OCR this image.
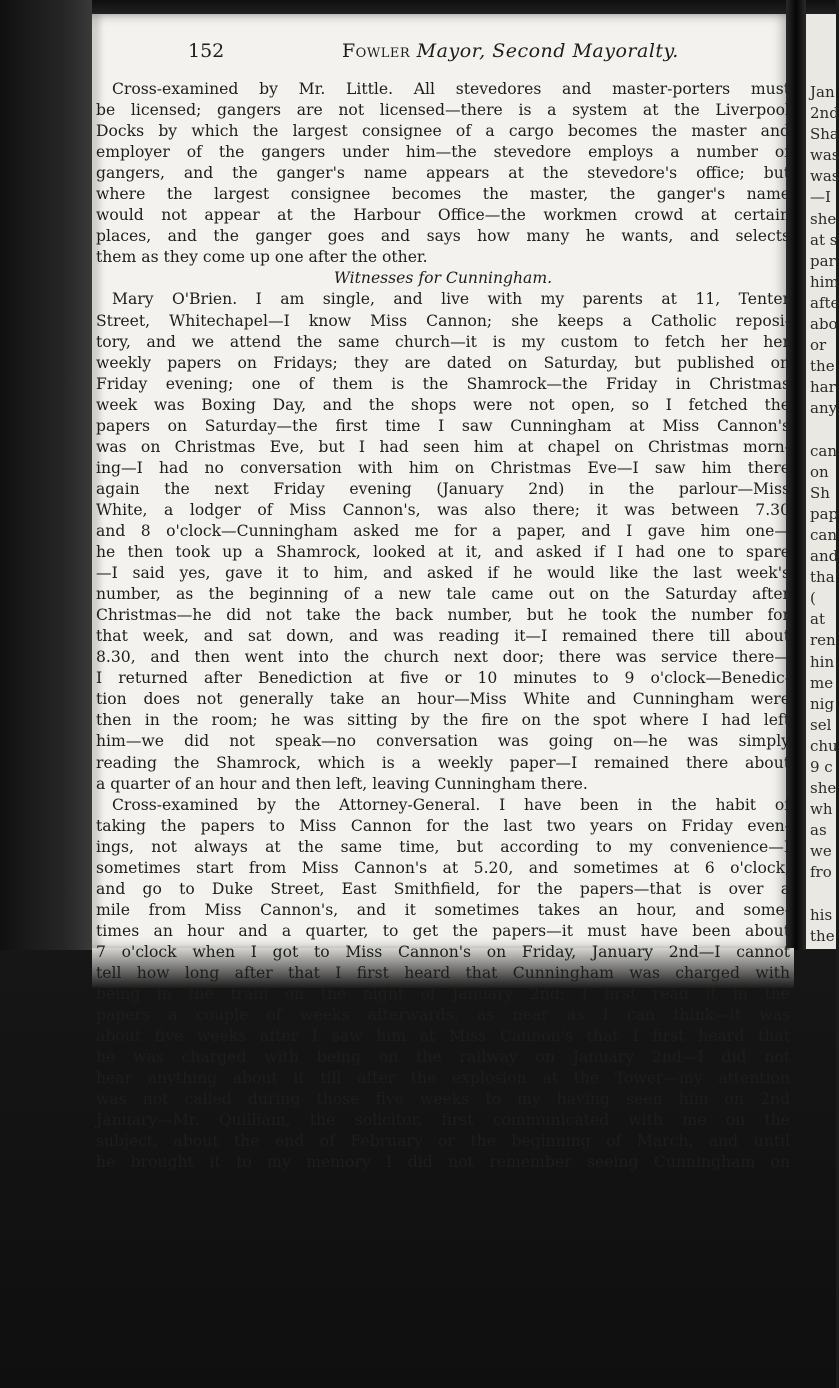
Jan
2nd
Sha
was
was
—I
she
at s
par
him
afte
abo
or
the
har
any
can
on
Sh
pap
can
and
tha
(
at
ren
hin
me
nig
sel
chu
9 c
she
wh
as
we
fro
his
the
152	Fowler Mayor, Second Mayoralty.
Cross-examined by Mr. Little. All stevedores and master-porters must
be licensed; gangers are not licensed—there is a system at the Liverpool
Docks by which the largest consignee of a cargo becomes the master and
employer of the gangers under him—the stevedore employs a number of
gangers, and the ganger's name appears at the stevedore's office; but
where the largest consignee becomes the master, the ganger's name
would not appear at the Harbour Office—the workmen crowd at certain
places, and the ganger goes and says how many he wants, and selects
them as they come up one after the other.
Witnesses for Cunningham.
Mary O'Brien. I am single, and live with my parents at 11, Tenter
Street, Whitechapel—I know Miss Cannon; she keeps a Catholic reposi-
tory, and we attend the same church—it is my custom to fetch her her
weekly papers on Fridays; they are dated on Saturday, but published on
Friday evening; one of them is the Shamrock—the Friday in Christmas
week was Boxing Day, and the shops were not open, so I fetched the
papers on Saturday—the first time I saw Cunningham at Miss Cannon's
was on Christmas Eve, but I had seen him at chapel on Christmas morn-
ing—I had no conversation with him on Christmas Eve—I saw him there
again the next Friday evening (January 2nd) in the parlour—Miss
White, a lodger of Miss Cannon's, was also there; it was between 7.30
and 8 o'clock—Cunningham asked me for a paper, and I gave him one—
he then took up a Shamrock, looked at it, and asked if I had one to spare
—I said yes, gave it to him, and asked if he would like the last week's
number, as the beginning of a new tale came out on the Saturday after
Christmas—he did not take the back number, but he took the number for
that week, and sat down, and was reading it—I remained there till about
8.30, and then went into the church next door; there was service there—
I returned after Benediction at five or 10 minutes to 9 o'clock—Benedic-
tion does not generally take an hour—Miss White and Cunningham were
then in the room; he was sitting by the fire on the spot where I had left
him—we did not speak—no conversation was going on—he was simply
reading the Shamrock, which is a weekly paper—I remained there about
a quarter of an hour and then left, leaving Cunningham there.
Cross-examined by the Attorney-General. I have been in the habit of
taking the papers to Miss Cannon for the last two years on Friday even-
ings, not always at the same time, but according to my convenience—I
sometimes start from Miss Cannon's at 5.20, and sometimes at 6 o'clock,
and go to Duke Street, East Smithfield, for the papers—that is over a
mile from Miss Cannon's, and it sometimes takes an hour, and some-
times an hour and a quarter, to get the papers—it must have been about
7 o'clock when I got to Miss Cannon's on Friday, January 2nd—I cannot
tell how long after that I first heard that Cunningham was charged with
being in the train on the night of January 2nd; I first read it in the
papers a couple of weeks afterwards, as near as I can think—it was
about five weeks after I saw him at Miss Cannon's that I first heard that
he was charged with being on the railway on January 2nd—I did not
hear anything about it till after the explosion at the Tower—my attention
was not called during those five weeks to my having seen him on 2nd
January—Mr. Quilliam, the solicitor, first communicated with me on the
subject, about the end of February or the beginning of March, and until
he brought it to my memory I did not remember seeing Cunningham on
